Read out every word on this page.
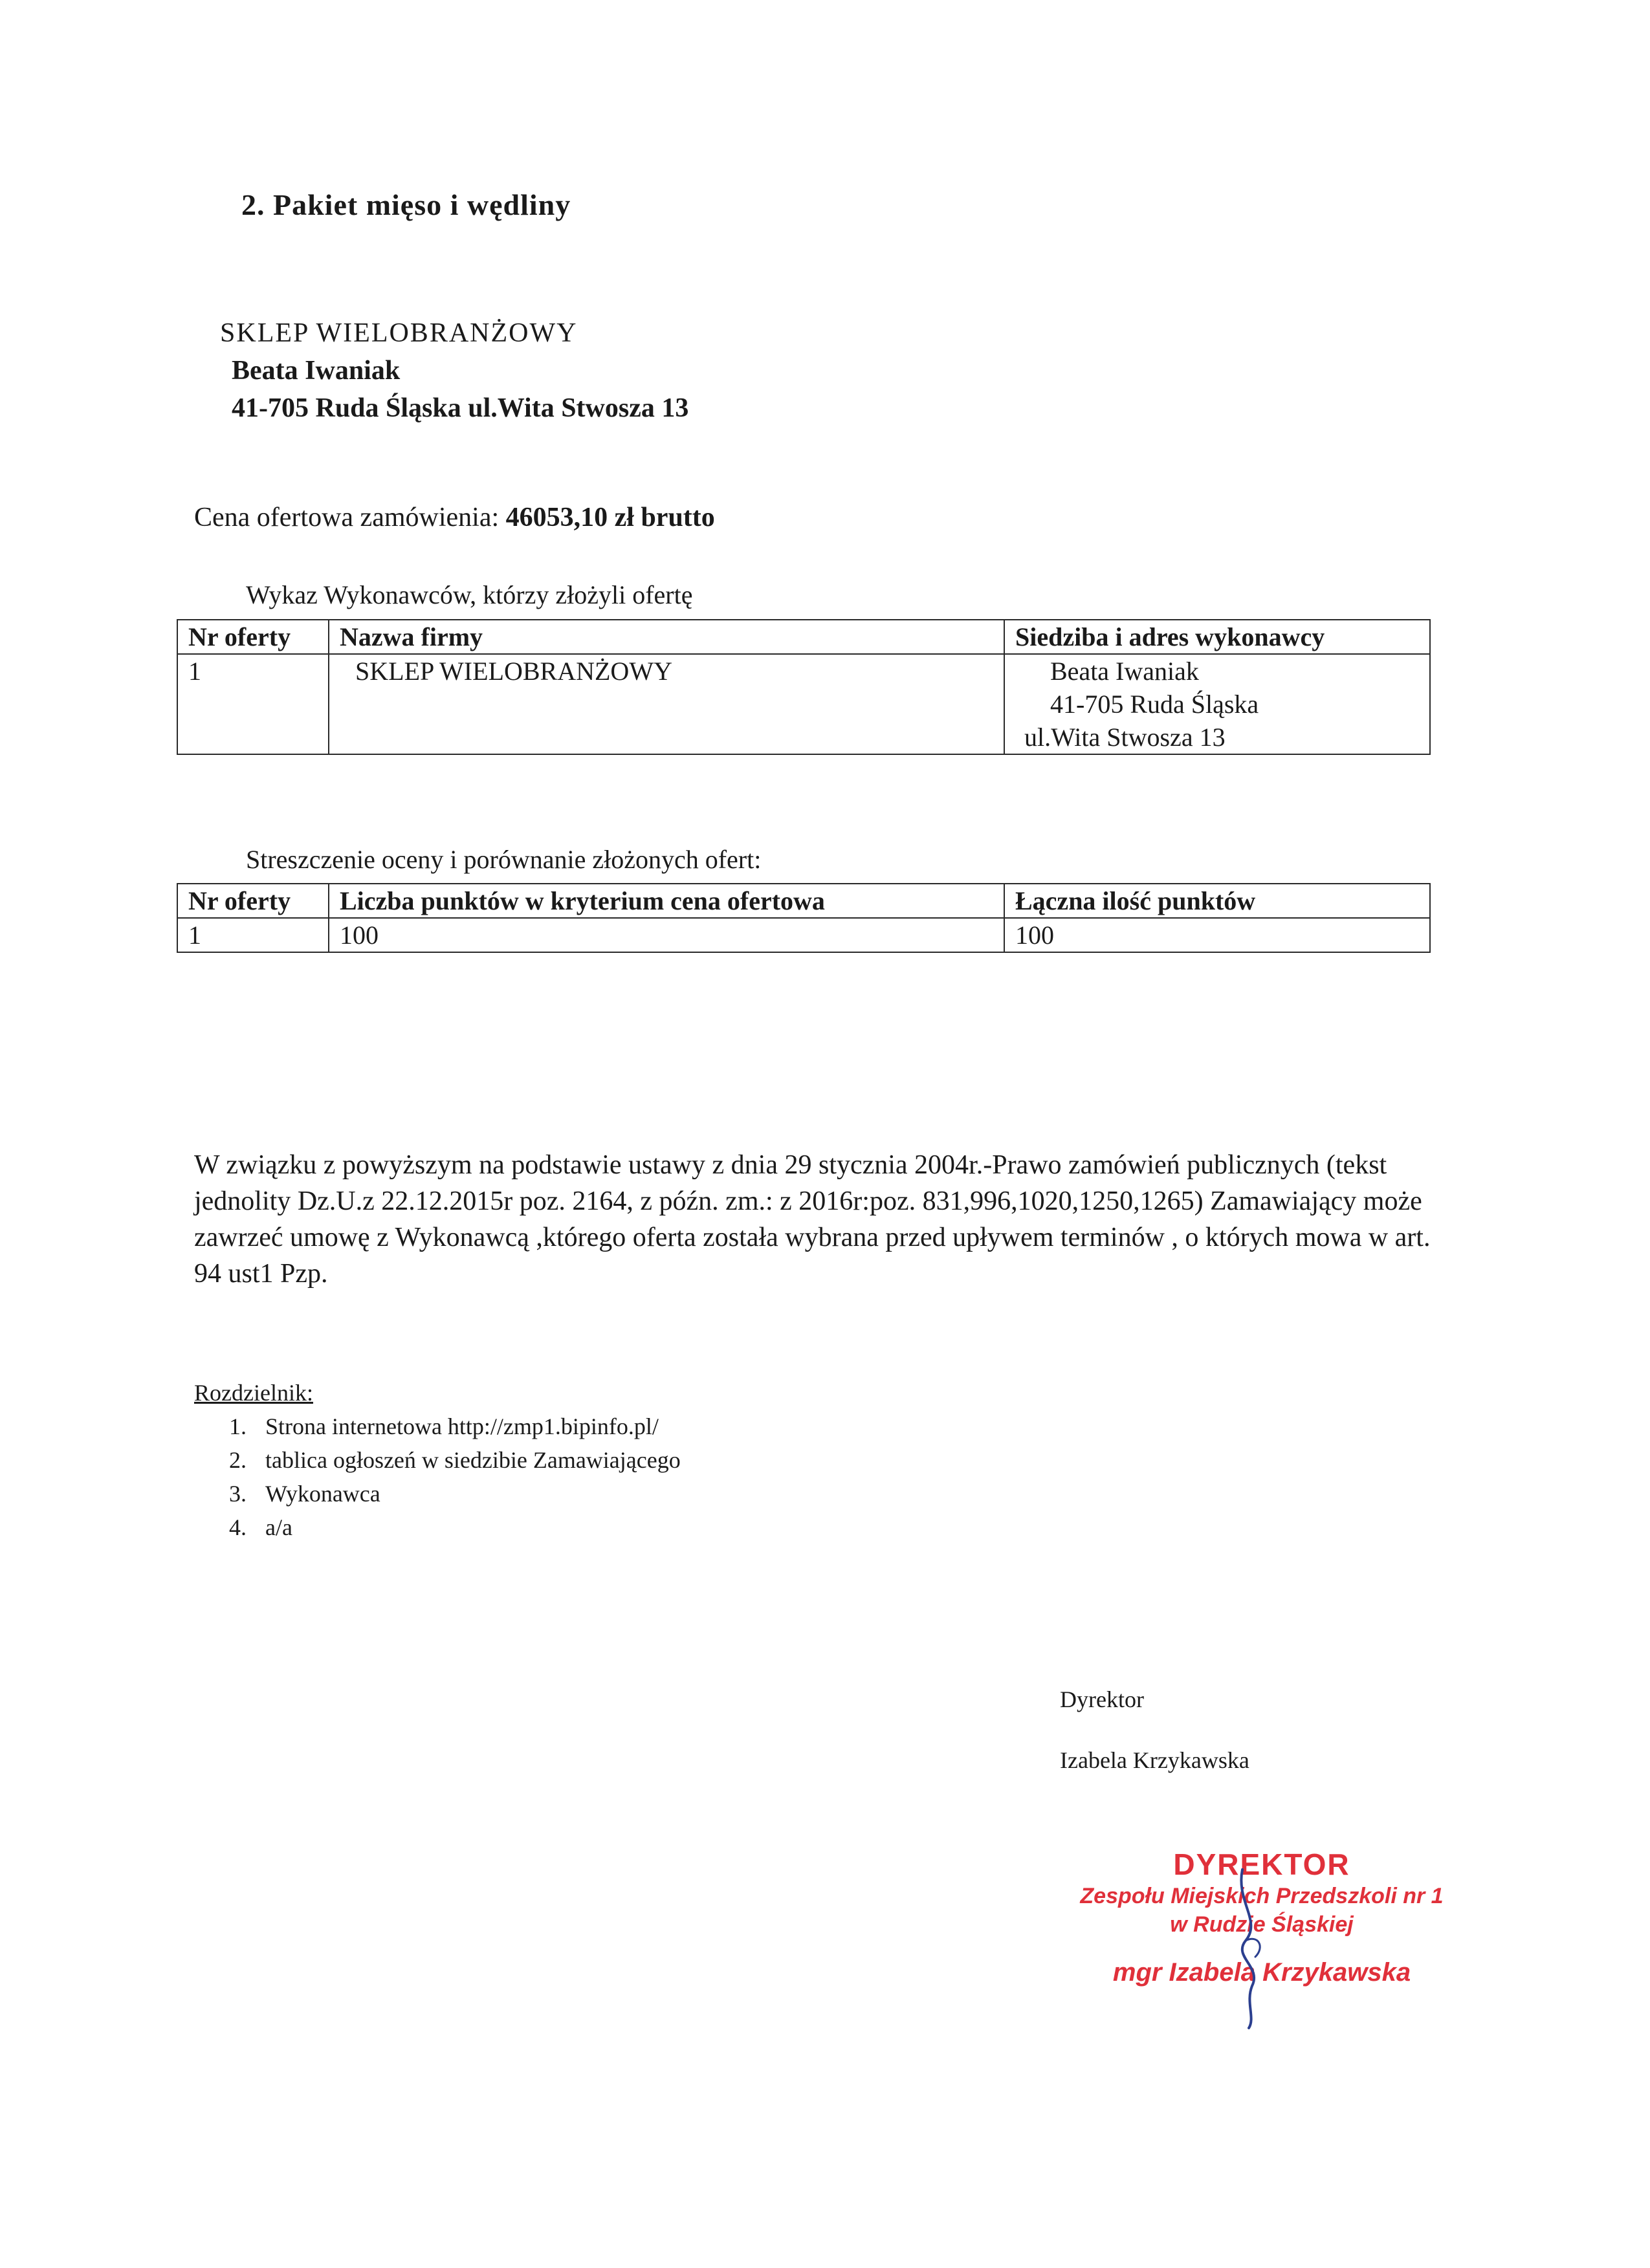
2. Pakiet mięso i wędliny
SKLEP WIELOBRANŻOWY
Beata Iwaniak
41-705 Ruda Śląska ul.Wita Stwosza 13
Cena ofertowa zamówienia: 46053,10 zł brutto
Wykaz Wykonawców, którzy złożyli ofertę
Nr oferty	Nazwa firmy	Siedziba i adres wykonawcy
1	SKLEP WIELOBRANŻOWY	Beata Iwaniak
		41-705 Ruda Śląska
		ul.Wita Stwosza 13
Streszczenie oceny i porównanie złożonych ofert:
Nr oferty	Liczba punktów w kryterium cena ofertowa	Łączna ilość punktów
1	100	100
W związku z powyższym na podstawie ustawy z dnia 29 stycznia 2004r.-Prawo zamówień publicznych (tekst jednolity Dz.U.z 22.12.2015r poz. 2164, z późn. zm.: z 2016r:poz. 831,996,1020,1250,1265) Zamawiający może zawrzeć umowę z Wykonawcą ,którego oferta została wybrana przed upływem terminów , o których mowa w art. 94 ust1 Pzp.
Rozdzielnik:
1. Strona internetowa http://zmp1.bipinfo.pl/
2. tablica ogłoszeń w siedzibie Zamawiającego
3. Wykonawca
4. a/a
Dyrektor
Izabela Krzykawska
DYREKTOR
Zespołu Miejskich Przedszkoli nr 1
w Rudzie Śląskiej
mgr Izabela Krzykawska
